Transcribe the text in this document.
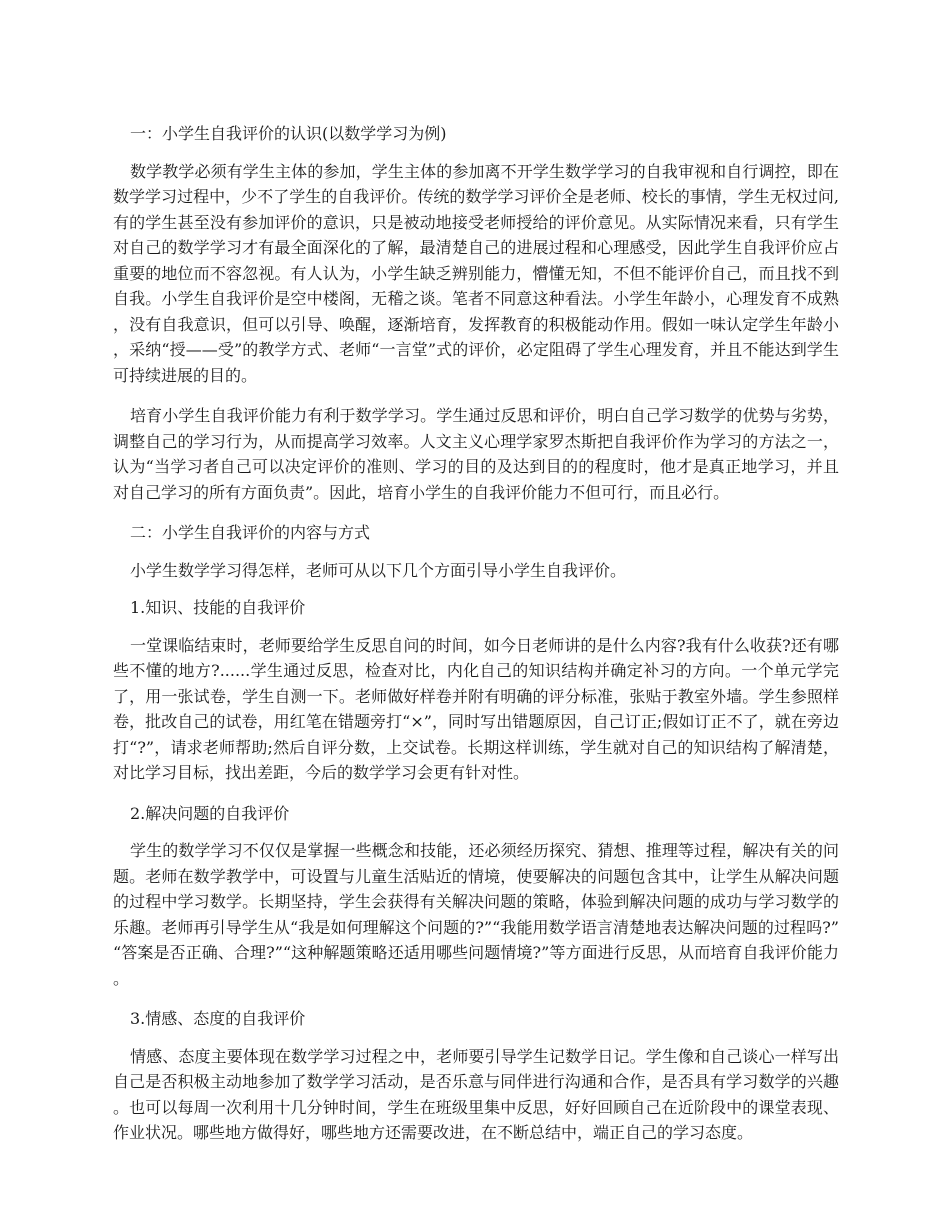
一：小学生自我评价的认识(以数学学习为例)

数学教学必须有学生主体的参加，学生主体的参加离不开学生数学学习的自我审视和自行调控，即在数学学习过程中，少不了学生的自我评价。传统的数学学习评价全是老师、校长的事情，学生无权过问,有的学生甚至没有参加评价的意识，只是被动地接受老师授给的评价意见。从实际情况来看，只有学生对自己的数学学习才有最全面深化的了解，最清楚自己的进展过程和心理感受，因此学生自我评价应占重要的地位而不容忽视。有人认为，小学生缺乏辨别能力，懵懂无知，不但不能评价自己，而且找不到自我。小学生自我评价是空中楼阁，无稽之谈。笔者不同意这种看法。小学生年龄小，心理发育不成熟，没有自我意识，但可以引导、唤醒，逐渐培育，发挥教育的积极能动作用。假如一味认定学生年龄小，采纳“授——受”的教学方式、老师“一言堂”式的评价，必定阻碍了学生心理发育，并且不能达到学生可持续进展的目的。

培育小学生自我评价能力有利于数学学习。学生通过反思和评价，明白自己学习数学的优势与劣势，调整自己的学习行为，从而提高学习效率。人文主义心理学家罗杰斯把自我评价作为学习的方法之一，认为“当学习者自己可以决定评价的准则、学习的目的及达到目的的程度时，他才是真正地学习，并且对自己学习的所有方面负责”。因此，培育小学生的自我评价能力不但可行，而且必行。

二：小学生自我评价的内容与方式

小学生数学学习得怎样，老师可从以下几个方面引导小学生自我评价。

1.知识、技能的自我评价

一堂课临结束时，老师要给学生反思自问的时间，如今日老师讲的是什么内容?我有什么收获?还有哪些不懂的地方?......学生通过反思，检查对比，内化自己的知识结构并确定补习的方向。一个单元学完了，用一张试卷，学生自测一下。老师做好样卷并附有明确的评分标准，张贴于教室外墙。学生参照样卷，批改自己的试卷，用红笔在错题旁打“×”，同时写出错题原因，自己订正;假如订正不了，就在旁边打“?”，请求老师帮助;然后自评分数，上交试卷。长期这样训练，学生就对自己的知识结构了解清楚，对比学习目标，找出差距，今后的数学学习会更有针对性。

2.解决问题的自我评价

学生的数学学习不仅仅是掌握一些概念和技能，还必须经历探究、猜想、推理等过程，解决有关的问题。老师在数学教学中，可设置与儿童生活贴近的情境，使要解决的问题包含其中，让学生从解决问题的过程中学习数学。长期坚持，学生会获得有关解决问题的策略，体验到解决问题的成功与学习数学的乐趣。老师再引导学生从“我是如何理解这个问题的?”“我能用数学语言清楚地表达解决问题的过程吗?”“答案是否正确、合理?”“这种解题策略还适用哪些问题情境?”等方面进行反思，从而培育自我评价能力。

3.情感、态度的自我评价

情感、态度主要体现在数学学习过程之中，老师要引导学生记数学日记。学生像和自己谈心一样写出自己是否积极主动地参加了数学学习活动，是否乐意与同伴进行沟通和合作，是否具有学习数学的兴趣。也可以每周一次利用十几分钟时间，学生在班级里集中反思，好好回顾自己在近阶段中的课堂表现、作业状况。哪些地方做得好，哪些地方还需要改进，在不断总结中，端正自己的学习态度。
